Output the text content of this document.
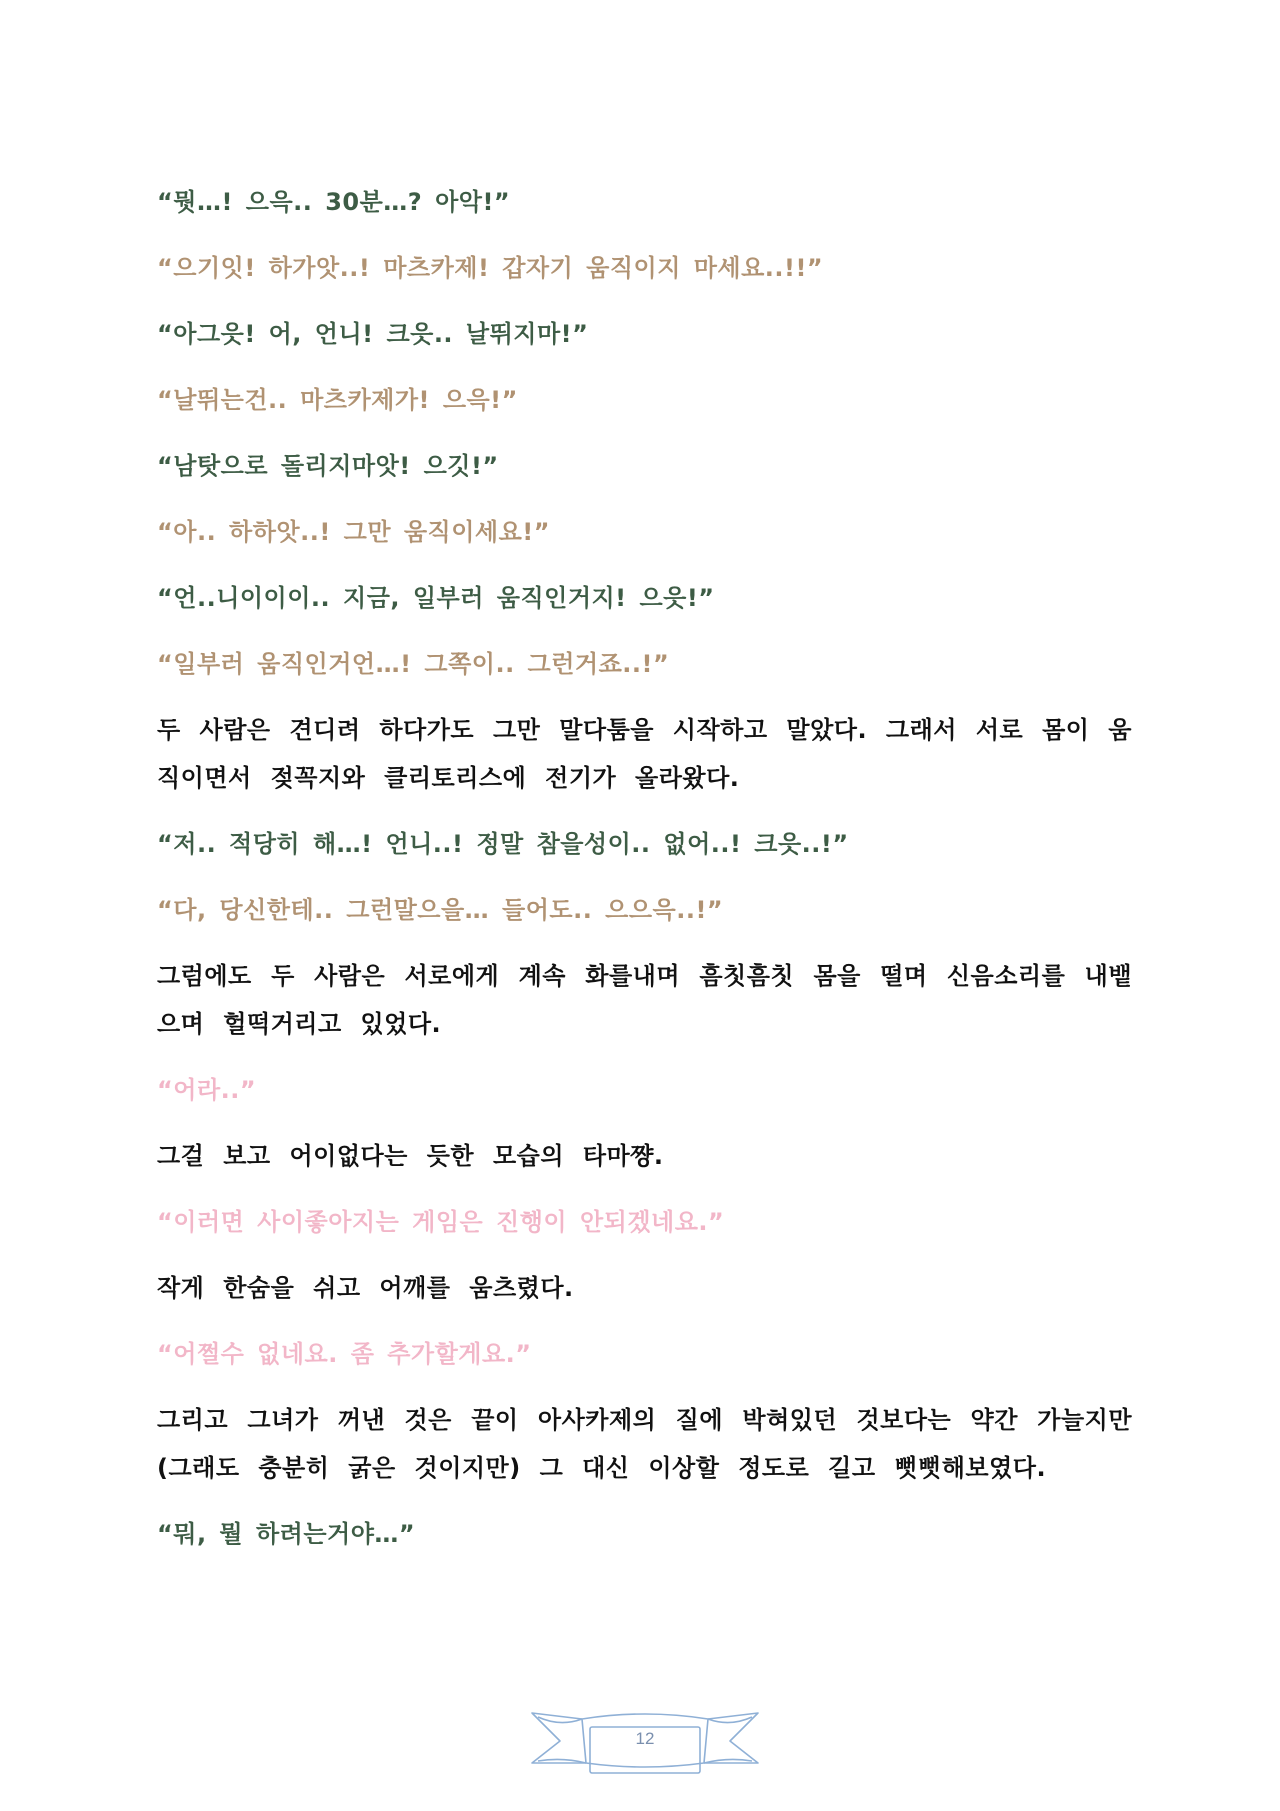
“뭣…! 으윽.. 30분…? 아악!”

“으기잇! 하가앗..! 마츠카제! 갑자기 움직이지 마세요..!!”

“아그읏! 어, 언니! 크읏.. 날뛰지마!”

“날뛰는건.. 마츠카제가! 으윽!”

“남탓으로 돌리지마앗! 으깃!”

“아.. 하하앗..! 그만 움직이세요!”

“언..니이이이.. 지금, 일부러 움직인거지! 으읏!”

“일부러 움직인거언…! 그쪽이.. 그런거죠..!”

두 사람은 견디려 하다가도 그만 말다툼을 시작하고 말았다. 그래서 서로 몸이 움직이면서 젖꼭지와 클리토리스에 전기가 올라왔다.

“저.. 적당히 해…! 언니..! 정말 참을성이.. 없어..! 크읏..!”

“다, 당신한테.. 그런말으을… 들어도.. 으으윽..!”

그럼에도 두 사람은 서로에게 계속 화를내며 흠칫흠칫 몸을 떨며 신음소리를 내뱉으며 헐떡거리고 있었다.

“어라..”

그걸 보고 어이없다는 듯한 모습의 타마쨩.

“이러면 사이좋아지는 게임은 진행이 안되겠네요.”

작게 한숨을 쉬고 어깨를 움츠렸다.

“어쩔수 없네요. 좀 추가할게요.”

그리고 그녀가 꺼낸 것은 끝이 아사카제의 질에 박혀있던 것보다는 약간 가늘지만(그래도 충분히 굵은 것이지만) 그 대신 이상할 정도로 길고 뻣뻣해보였다.

“뭐, 뭘 하려는거야…”

12
